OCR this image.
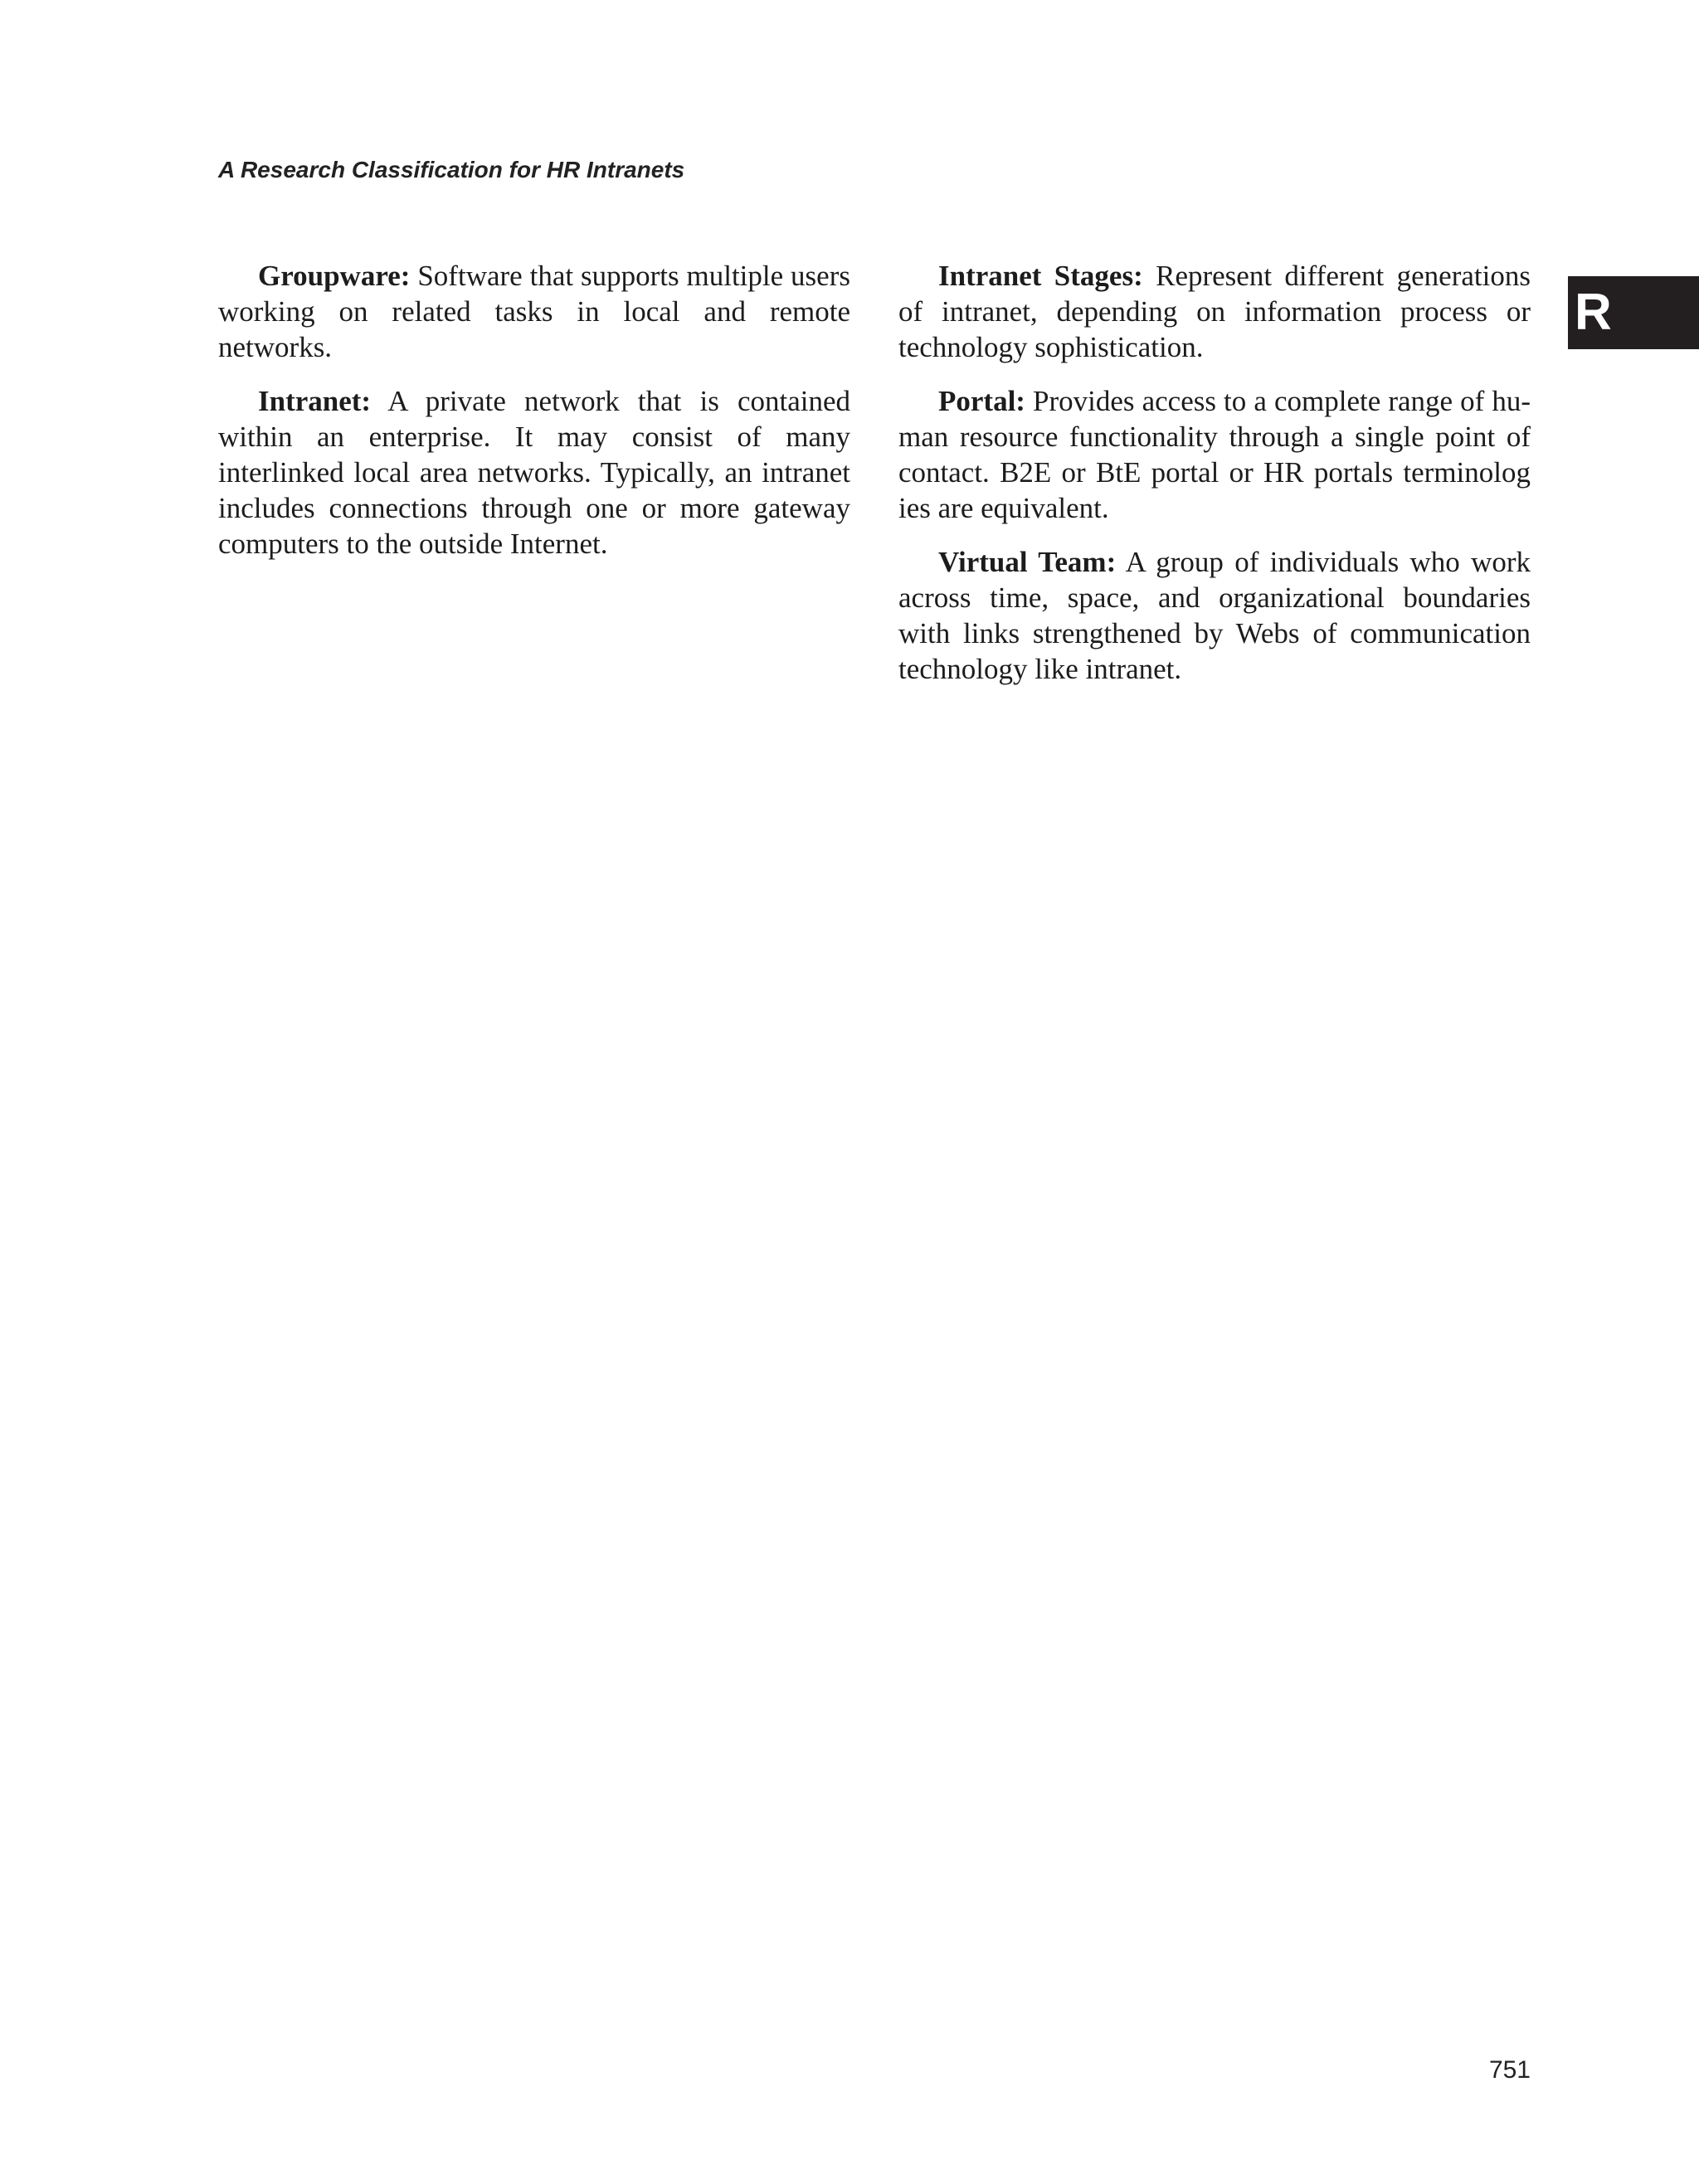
A Research Classification for HR Intranets

R

Groupware: Software that supports multiple users working on related tasks in local and remote networks.

Intranet: A private network that is contained within an enterprise. It may consist of many interlinked local area networks. Typically, an intranet includes connections through one or more gateway computers to the outside Internet.

Intranet Stages: Represent different generations of intranet, depending on information process or technology sophistication.

Portal: Provides access to a complete range of human resource functionality through a single point of contact. B2E or BtE portal or HR portals terminolog ies are equivalent.

Virtual Team: A group of individuals who work across time, space, and organizational boundaries with links strengthened by Webs of communication technology like intranet.

751
